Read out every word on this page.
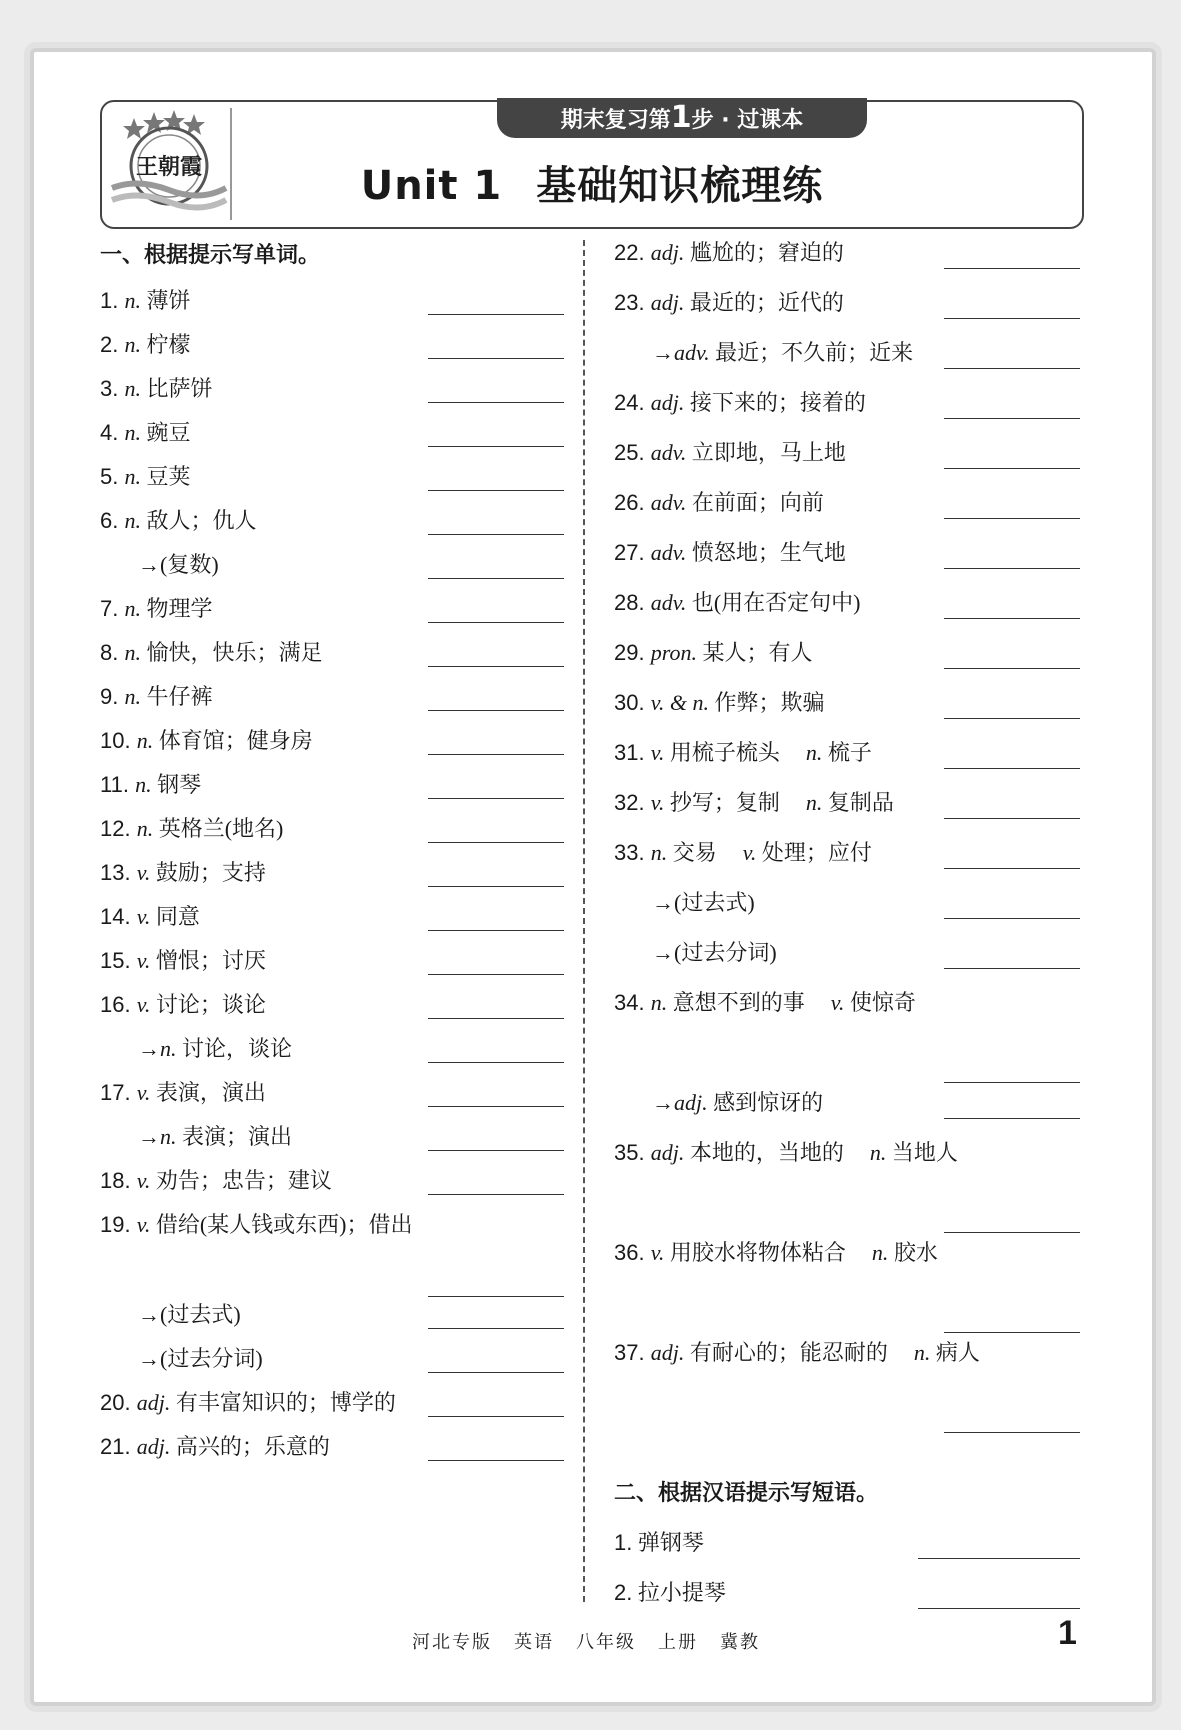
王朝霞
期末复习第1步 · 过课本
Unit 1 基础知识梳理练
一、根据提示写单词。
1. n. 薄饼
2. n. 柠檬
3. n. 比萨饼
4. n. 豌豆
5. n. 豆荚
6. n. 敌人；仇人
→(复数)
7. n. 物理学
8. n. 愉快，快乐；满足
9. n. 牛仔裤
10. n. 体育馆；健身房
11. n. 钢琴
12. n. 英格兰(地名)
13. v. 鼓励；支持
14. v. 同意
15. v. 憎恨；讨厌
16. v. 讨论；谈论
→n. 讨论，谈论
17. v. 表演，演出
→n. 表演；演出
18. v. 劝告；忠告；建议
19. v. 借给(某人钱或东西)；借出
→(过去式)
→(过去分词)
20. adj. 有丰富知识的；博学的
21. adj. 高兴的；乐意的
22. adj. 尴尬的；窘迫的
23. adj. 最近的；近代的
→adv. 最近；不久前；近来
24. adj. 接下来的；接着的
25. adv. 立即地，马上地
26. adv. 在前面；向前
27. adv. 愤怒地；生气地
28. adv. 也(用在否定句中)
29. pron. 某人；有人
30. v. & n. 作弊；欺骗
31. v. 用梳子梳头 n. 梳子
32. v. 抄写；复制 n. 复制品
33. n. 交易 v. 处理；应付
→(过去式)
→(过去分词)
34. n. 意想不到的事 v. 使惊奇
→adj. 感到惊讶的
35. adj. 本地的，当地的 n. 当地人
36. v. 用胶水将物体粘合 n. 胶水
37. adj. 有耐心的；能忍耐的 n. 病人
二、根据汉语提示写短语。
1. 弹钢琴
2. 拉小提琴
河北专版 英语 八年级 上册 冀教	1
